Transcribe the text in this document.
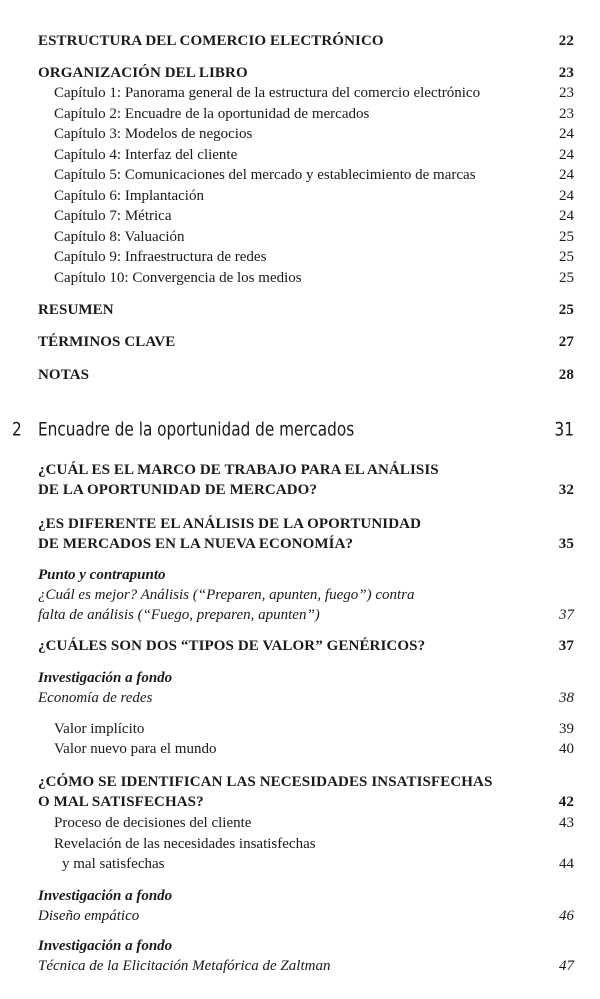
ESTRUCTURA DEL COMERCIO ELECTRÓNICO	22
ORGANIZACIÓN DEL LIBRO	23
Capítulo 1: Panorama general de la estructura del comercio electrónico	23
Capítulo 2: Encuadre de la oportunidad de mercados	23
Capítulo 3: Modelos de negocios	24
Capítulo 4: Interfaz del cliente	24
Capítulo 5: Comunicaciones del mercado y establecimiento de marcas	24
Capítulo 6: Implantación	24
Capítulo 7: Métrica	24
Capítulo 8: Valuación	25
Capítulo 9: Infraestructura de redes	25
Capítulo 10: Convergencia de los medios	25
RESUMEN	25
TÉRMINOS CLAVE	27
NOTAS	28
2 Encuadre de la oportunidad de mercados	31
¿CUÁL ES EL MARCO DE TRABAJO PARA EL ANÁLISIS
DE LA OPORTUNIDAD DE MERCADO?	32
¿ES DIFERENTE EL ANÁLISIS DE LA OPORTUNIDAD
DE MERCADOS EN LA NUEVA ECONOMÍA?	35
Punto y contrapunto
¿Cuál es mejor? Análisis (“Preparen, apunten, fuego”) contra
falta de análisis (“Fuego, preparen, apunten”)	37
¿CUÁLES SON DOS “TIPOS DE VALOR” GENÉRICOS?	37
Investigación a fondo
Economía de redes	38
Valor implícito	39
Valor nuevo para el mundo	40
¿CÓMO SE IDENTIFICAN LAS NECESIDADES INSATISFECHAS
O MAL SATISFECHAS?	42
Proceso de decisiones del cliente	43
Revelación de las necesidades insatisfechas
y mal satisfechas	44
Investigación a fondo
Diseño empático	46
Investigación a fondo
Técnica de la Elicitación Metafórica de Zaltman	47
